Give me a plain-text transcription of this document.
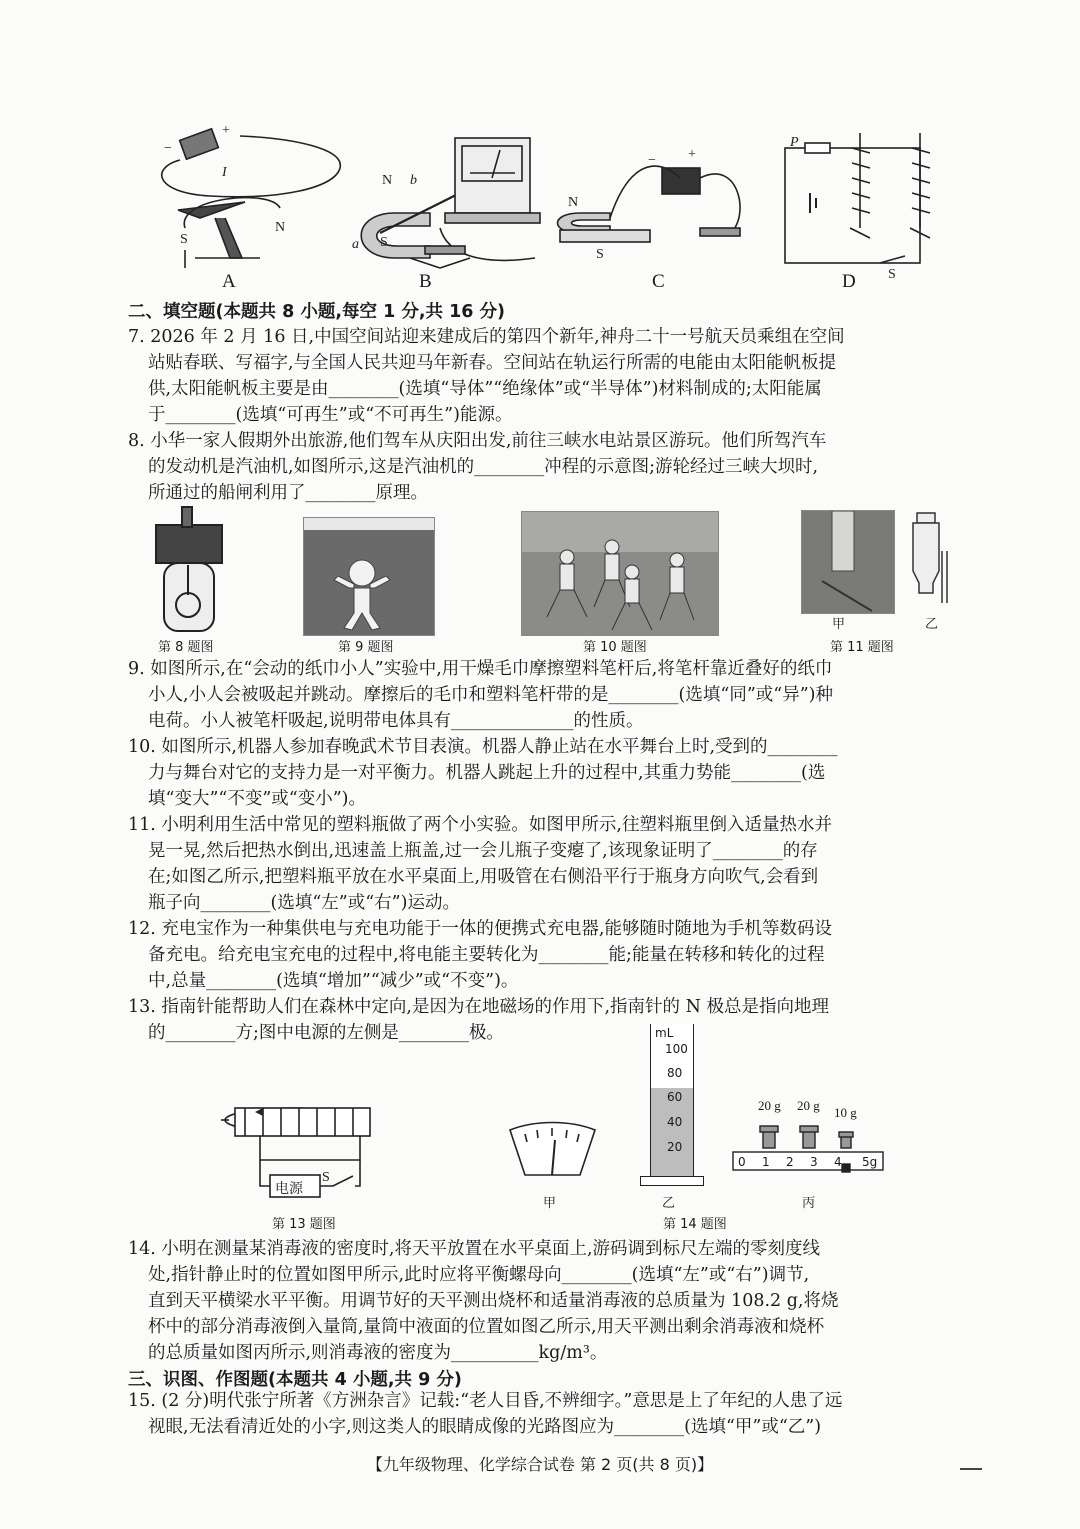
+
−
I
S
N
N
S
a
b
N
S
− +
P
S
A	B	C	D
二、填空题(本题共 8 小题,每空 1 分,共 16 分)
7. 2026 年 2 月 16 日,中国空间站迎来建成后的第四个新年,神舟二十一号航天员乘组在空间
站贴春联、写福字,与全国人民共迎马年新春。空间站在轨运行所需的电能由太阳能帆板提
供,太阳能帆板主要是由________(选填“导体”“绝缘体”或“半导体”)材料制成的;太阳能属
于________(选填“可再生”或“不可再生”)能源。
8. 小华一家人假期外出旅游,他们驾车从庆阳出发,前往三峡水电站景区游玩。他们所驾汽车
的发动机是汽油机,如图所示,这是汽油机的________冲程的示意图;游轮经过三峡大坝时,
所通过的船闸利用了________原理。
甲	乙
第 8 题图	第 9 题图	第 10 题图	第 11 题图
9. 如图所示,在“会动的纸巾小人”实验中,用干燥毛巾摩擦塑料笔杆后,将笔杆靠近叠好的纸巾
小人,小人会被吸起并跳动。摩擦后的毛巾和塑料笔杆带的是________(选填“同”或“异”)种
电荷。小人被笔杆吸起,说明带电体具有______________的性质。
10. 如图所示,机器人参加春晚武术节目表演。机器人静止站在水平舞台上时,受到的________
力与舞台对它的支持力是一对平衡力。机器人跳起上升的过程中,其重力势能________(选
填“变大”“不变”或“变小”)。
11. 小明利用生活中常见的塑料瓶做了两个小实验。如图甲所示,往塑料瓶里倒入适量热水并
晃一晃,然后把热水倒出,迅速盖上瓶盖,过一会儿瓶子变瘪了,该现象证明了________的存
在;如图乙所示,把塑料瓶平放在水平桌面上,用吸管在右侧沿平行于瓶身方向吹气,会看到
瓶子向________(选填“左”或“右”)运动。
12. 充电宝作为一种集供电与充电功能于一体的便携式充电器,能够随时随地为手机等数码设
备充电。给充电宝充电的过程中,将电能主要转化为________能;能量在转移和转化的过程
中,总量________(选填“增加”“减少”或“不变”)。
13. 指南针能帮助人们在森林中定向,是因为在地磁场的作用下,指南针的 N 极总是指向地理
的________方;图中电源的左侧是________极。
电源
S
第 13 题图
甲
mL
100
80
60
40
20
乙
20 g 20 g 10 g
0 1 2 3 4 5g
丙
第 14 题图
14. 小明在测量某消毒液的密度时,将天平放置在水平桌面上,游码调到标尺左端的零刻度线
处,指针静止时的位置如图甲所示,此时应将平衡螺母向________(选填“左”或“右”)调节,
直到天平横梁水平平衡。用调节好的天平测出烧杯和适量消毒液的总质量为 108.2 g,将烧
杯中的部分消毒液倒入量筒,量筒中液面的位置如图乙所示,用天平测出剩余消毒液和烧杯
的总质量如图丙所示,则消毒液的密度为__________kg/m³。
三、识图、作图题(本题共 4 小题,共 9 分)
15. (2 分)明代张宁所著《方洲杂言》记载:“老人目昏,不辨细字。”意思是上了年纪的人患了远
视眼,无法看清近处的小字,则这类人的眼睛成像的光路图应为________(选填“甲”或“乙”)
【九年级物理、化学综合试卷 第 2 页(共 8 页)】
